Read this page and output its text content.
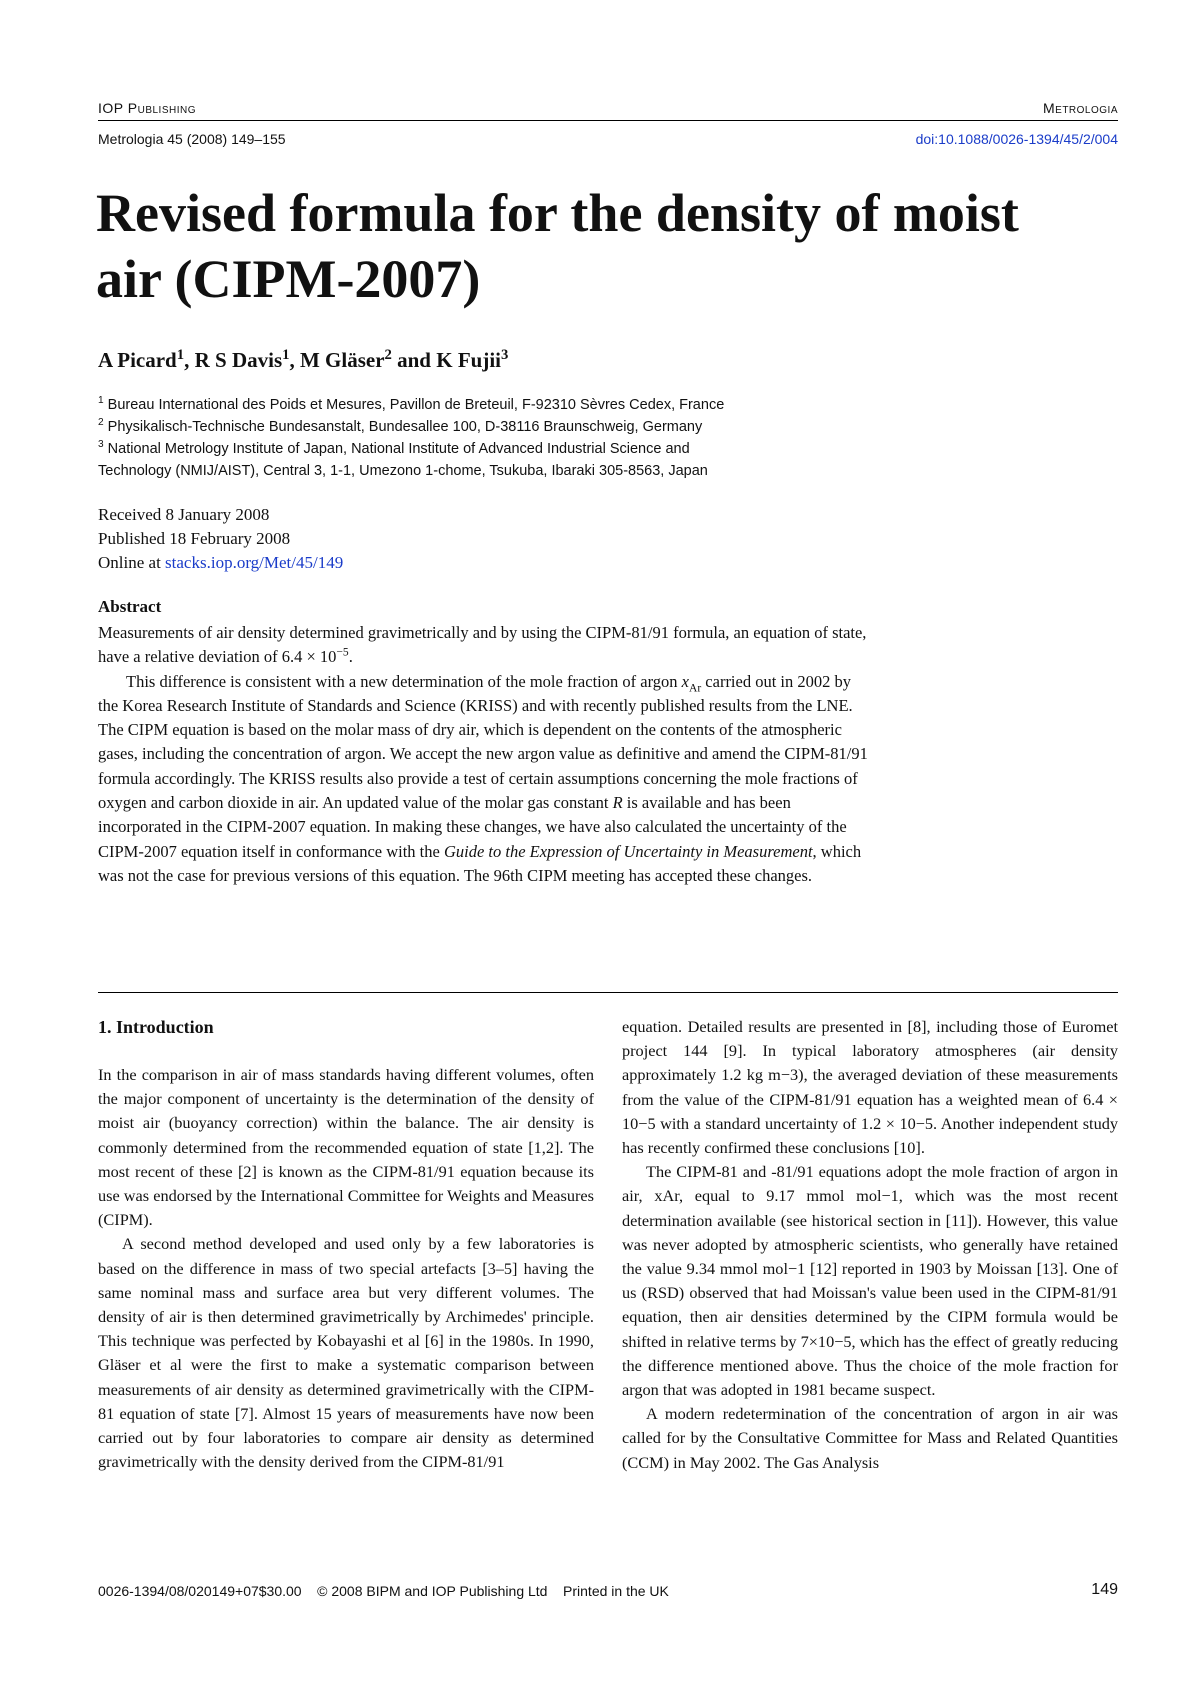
IOP Publishing	Metrologia
Metrologia 45 (2008) 149–155	doi:10.1088/0026-1394/45/2/004
Revised formula for the density of moist
air (CIPM-2007)
A Picard$^1$, R S Davis$^1$, M Gläser$^2$ and K Fujii$^3$
$^1$ Bureau International des Poids et Mesures, Pavillon de Breteuil, F-92310 Sèvres Cedex, France
$^2$ Physikalisch-Technische Bundesanstalt, Bundesallee 100, D-38116 Braunschweig, Germany
$^3$ National Metrology Institute of Japan, National Institute of Advanced Industrial Science and
Technology (NMIJ/AIST), Central 3, 1-1, Umezono 1-chome, Tsukuba, Ibaraki 305-8563, Japan
Received 8 January 2008
Published 18 February 2008
Online at stacks.iop.org/Met/45/149
Abstract

Measurements of air density determined gravimetrically and by using the CIPM-81/91 formula, an equation of state, have a relative deviation of $6.4 \times 10^{-5}$.

This difference is consistent with a new determination of the mole fraction of argon $x_{Ar}$ carried out in 2002 by the Korea Research Institute of Standards and Science (KRISS) and with recently published results from the LNE. The CIPM equation is based on the molar mass of dry air, which is dependent on the contents of the atmospheric gases, including the concentration of argon. We accept the new argon value as definitive and amend the CIPM-81/91 formula accordingly. The KRISS results also provide a test of certain assumptions concerning the mole fractions of oxygen and carbon dioxide in air. An updated value of the molar gas constant R is available and has been incorporated in the CIPM-2007 equation. In making these changes, we have also calculated the uncertainty of the CIPM-2007 equation itself in conformance with the Guide to the Expression of Uncertainty in Measurement, which was not the case for previous versions of this equation. The 96th CIPM meeting has accepted these changes.

1. Introduction

In the comparison in air of mass standards having different volumes, often the major component of uncertainty is the determination of the density of moist air (buoyancy correction) within the balance. The air density is commonly determined from the recommended equation of state [1,2]. The most recent of these [2] is known as the CIPM-81/91 equation because its use was endorsed by the International Committee for Weights and Measures (CIPM).

A second method developed and used only by a few laboratories is based on the difference in mass of two special artefacts [3–5] having the same nominal mass and surface area but very different volumes. The density of air is then determined gravimetrically by Archimedes' principle. This technique was perfected by Kobayashi et al [6] in the 1980s. In 1990, Gläser et al were the first to make a systematic comparison between measurements of air density as determined gravimetrically with the CIPM-81 equation of state [7]. Almost 15 years of measurements have now been carried out by four laboratories to compare air density as determined gravimetrically with the density derived from the CIPM-81/91

equation. Detailed results are presented in [8], including those of Euromet project 144 [9]. In typical laboratory atmospheres (air density approximately 1.2 kg m−3), the averaged deviation of these measurements from the value of the CIPM-81/91 equation has a weighted mean of 6.4 × 10−5 with a standard uncertainty of 1.2 × 10−5. Another independent study has recently confirmed these conclusions [10].

The CIPM-81 and -81/91 equations adopt the mole fraction of argon in air, xAr, equal to 9.17 mmol mol−1, which was the most recent determination available (see historical section in [11]). However, this value was never adopted by atmospheric scientists, who generally have retained the value 9.34 mmol mol−1 [12] reported in 1903 by Moissan [13]. One of us (RSD) observed that had Moissan's value been used in the CIPM-81/91 equation, then air densities determined by the CIPM formula would be shifted in relative terms by 7×10−5, which has the effect of greatly reducing the difference mentioned above. Thus the choice of the mole fraction for argon that was adopted in 1981 became suspect.

A modern redetermination of the concentration of argon in air was called for by the Consultative Committee for Mass and Related Quantities (CCM) in May 2002. The Gas Analysis

0026-1394/08/020149+07$30.00 © 2008 BIPM and IOP Publishing Ltd Printed in the UK	149
